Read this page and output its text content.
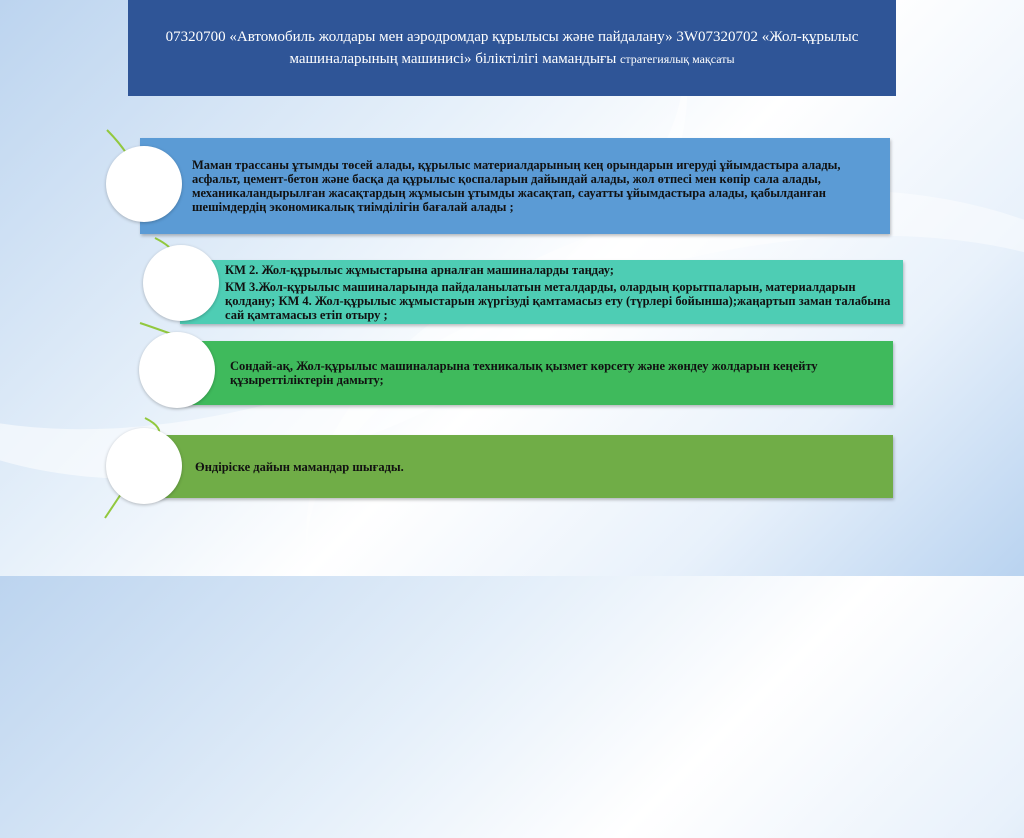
07320700 «Автомобиль жолдары мен аэродромдар құрылысы және пайдалану» 3W07320702 «Жол-құрылыс машиналарының машинисі» біліктілігі мамандығы стратегиялық мақсаты

Маман трассаны ұтымды төсей алады, құрылыс материалдарының кең орындарын игеруді ұйымдастыра алады, асфальт, цемент-бетон және басқа да құрылыс қоспаларын дайындай алады, жол өтпесі мен көпір сала алады, механикаландырылған жасақтардың жұмысын ұтымды жасақтап, сауатты ұйымдастыра алады, қабылданған шешімдердің экономикалық тиімділігін бағалай алады ;

КМ 2. Жол-құрылыс жұмыстарына арналған машиналарды таңдау;

КМ 3.Жол-құрылыс машиналарында пайдаланылатын металдарды, олардың қорытпаларын, материалдарын қолдану; КМ 4. Жол-құрылыс жұмыстарын жүргізуді қамтамасыз ету (түрлері бойынша);жаңартып заман талабына сай қамтамасыз етіп отыру ;

Сондай-ақ, Жол-құрылыс машиналарына техникалық қызмет көрсету және жөндеу жолдарын кеңейту құзыреттіліктерін дамыту;

Өндіріске дайын мамандар шығады.
